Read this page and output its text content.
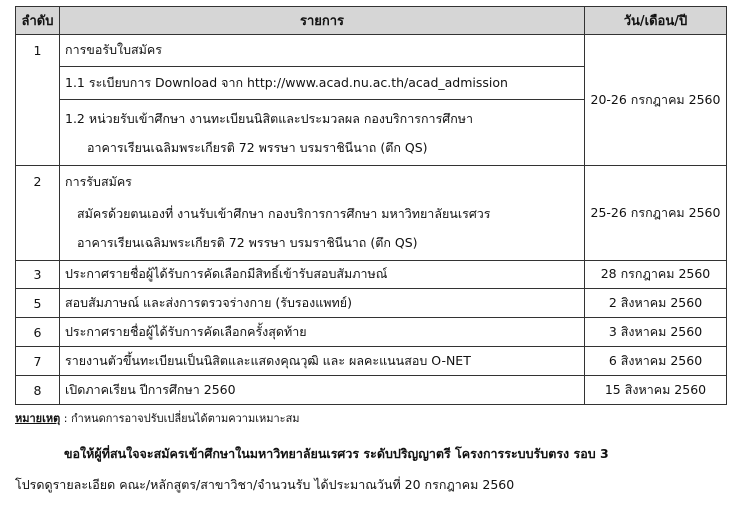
ลำดับ	รายการ	วัน/เดือน/ปี
1	การขอรับใบสมัคร	20-26 กรกฎาคม 2560
	1.1 ระเบียบการ Download จาก http://www.acad.nu.ac.th/acad_admission	

	1.2 หน่วยรับเข้าศึกษา งานทะเบียนนิสิตและประมวลผล กองบริการการศึกษา
อาคารเรียนเฉลิมพระเกียรติ 72 พรรษา บรมราชินีนาถ (ตึก QS)	

2	การรับสมัคร	25-26 กรกฎาคม 2560

	สมัครด้วยตนเองที่ งานรับเข้าศึกษา กองบริการการศึกษา มหาวิทยาลัยนเรศวร
อาคารเรียนเฉลิมพระเกียรติ 72 พรรษา บรมราชินีนาถ (ตึก QS)	

3	ประกาศรายชื่อผู้ได้รับการคัดเลือกมีสิทธิ์เข้ารับสอบสัมภาษณ์	28 กรกฎาคม 2560
5	สอบสัมภาษณ์ และส่งการตรวจร่างกาย (รับรองแพทย์)	2 สิงหาคม 2560
6	ประกาศรายชื่อผู้ได้รับการคัดเลือกครั้งสุดท้าย	3 สิงหาคม 2560
7	รายงานตัวขึ้นทะเบียนเป็นนิสิตและแสดงคุณวุฒิ และ ผลคะแนนสอบ O-NET	6 สิงหาคม 2560
8	เปิดภาคเรียน ปีการศึกษา 2560	15 สิงหาคม 2560
หมายเหตุ : กำหนดการอาจปรับเปลี่ยนได้ตามความเหมาะสม
ขอให้ผู้ที่สนใจจะสมัครเข้าศึกษาในมหาวิทยาลัยนเรศวร ระดับปริญญาตรี โครงการระบบรับตรง รอบ 3
โปรดดูรายละเอียด คณะ/หลักสูตร/สาขาวิชา/จำนวนรับ ได้ประมาณวันที่ 20 กรกฎาคม 2560
